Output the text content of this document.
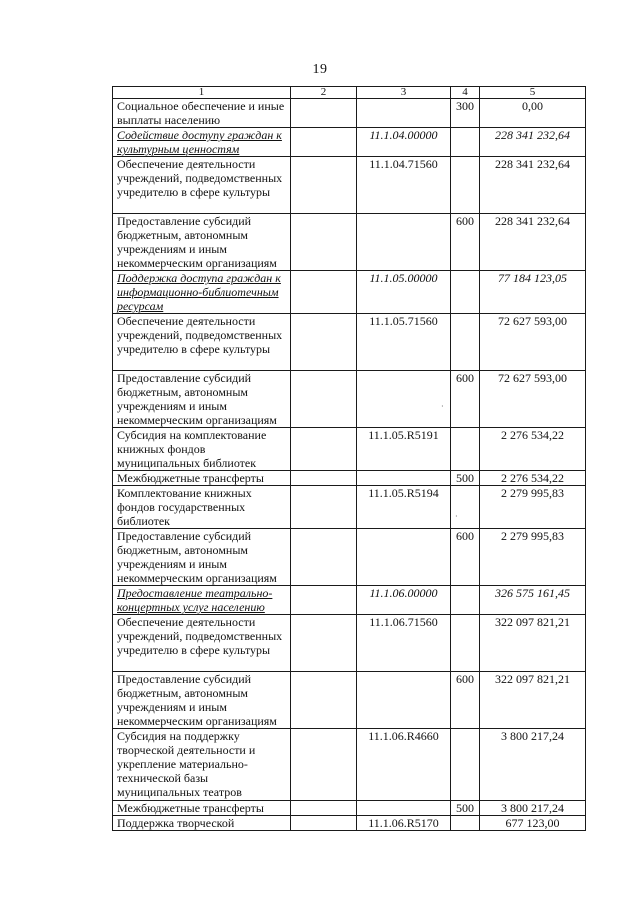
19
1	2	3	4	5
Социальное обеспечение и иные выплаты населению			300	0,00
Содействие доступу граждан к культурным ценностям		11.1.04.00000		228 341 232,64
Обеспечение деятельности учреждений, подведомственных учредителю в сфере культуры		11.1.04.71560		228 341 232,64
Предоставление субсидий бюджетным, автономным учреждениям и иным некоммерческим организациям			600	228 341 232,64
Поддержка доступа граждан к информационно-библиотечным ресурсам		11.1.05.00000		77 184 123,05
Обеспечение деятельности учреждений, подведомственных учредителю в сфере культуры		11.1.05.71560		72 627 593,00
Предоставление субсидий бюджетным, автономным учреждениям и иным некоммерческим организациям			600	72 627 593,00
Субсидия на комплектование книжных фондов муниципальных библиотек		11.1.05.R5191		2 276 534,22
Межбюджетные трансферты			500	2 276 534,22
Комплектование книжных фондов государственных библиотек		11.1.05.R5194		2 279 995,83
Предоставление субсидий бюджетным, автономным учреждениям и иным некоммерческим организациям			600	2 279 995,83
Предоставление театрально-концертных услуг населению		11.1.06.00000		326 575 161,45
Обеспечение деятельности учреждений, подведомственных учредителю в сфере культуры		11.1.06.71560		322 097 821,21
Предоставление субсидий бюджетным, автономным учреждениям и иным некоммерческим организациям			600	322 097 821,21
Субсидия на поддержку творческой деятельности и укрепление материально-технической базы муниципальных театров		11.1.06.R4660		3 800 217,24
Межбюджетные трансферты			500	3 800 217,24
Поддержка творческой		11.1.06.R5170		677 123,00
·
·
